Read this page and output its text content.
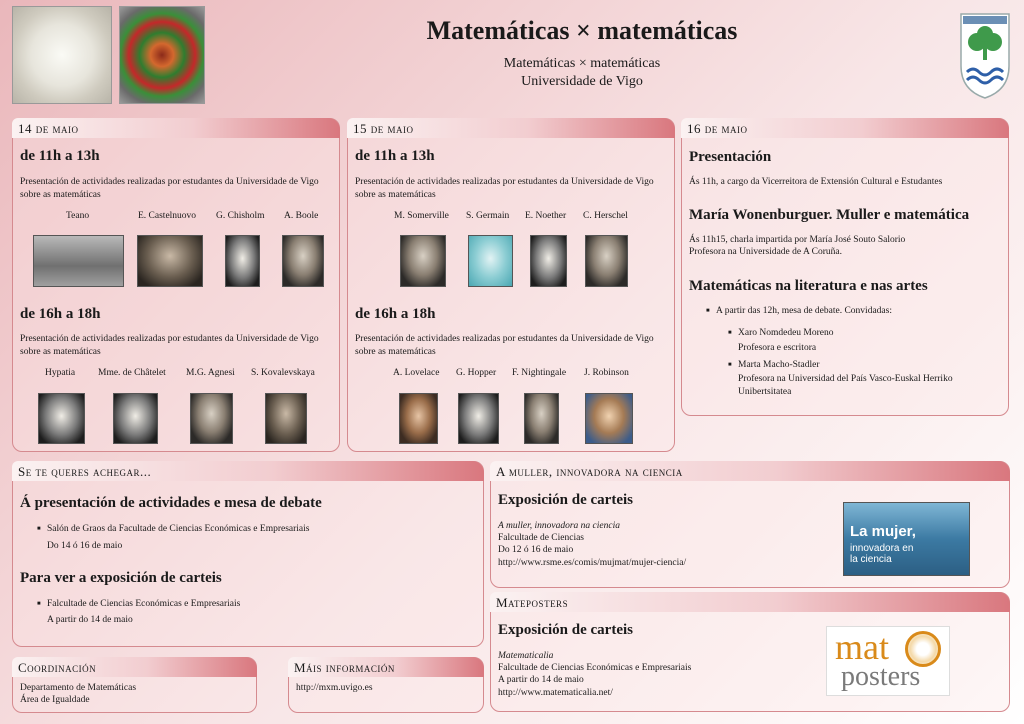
Matemáticas × matemáticas
Matemáticas × matemáticas
Universidade de Vigo
14 de maio
de 11h a 13h
Presentación de actividades realizadas por estudantes da Universidade de Vigo sobre as matemáticas
Teano	E. Castelnuovo G. Chisholm A. Boole
de 16h a 18h
Presentación de actividades realizadas por estudantes da Universidade de Vigo sobre as matemáticas
Hypatia Mme. de Châtelet M.G. Agnesi S. Kovalevskaya
15 de maio
de 11h a 13h
Presentación de actividades realizadas por estudantes da Universidade de Vigo sobre as matemáticas
M. Somerville S. Germain E. Noether C. Herschel
de 16h a 18h
Presentación de actividades realizadas por estudantes da Universidade de Vigo sobre as matemáticas
A. Lovelace G. Hopper F. Nightingale J. Robinson
16 de maio
Presentación
Ás 11h, a cargo da Vicerreitora de Extensión Cultural e Estudantes
María Wonenburguer. Muller e matemática
Ás 11h15, charla impartida por María José Souto Salorio
Profesora na Universidade de A Coruña.
Matemáticas na literatura e nas artes
■ A partir das 12h, mesa de debate. Convidadas:
■ Xaro Nomdedeu Moreno
Profesora e escritora
■ Marta Macho-Stadler
Profesora na Universidad del País Vasco-Euskal Herriko Unibertsitatea
Se te queres achegar...
Á presentación de actividades e mesa de debate
■ Salón de Graos da Facultade de Ciencias Económicas e Empresariais
Do 14 ó 16 de maio
Para ver a exposición de carteis
■ Falcultade de Ciencias Económicas e Empresariais
A partir do 14 de maio
A muller, innovadora na ciencia
Exposición de carteis
A muller, innovadora na ciencia
Falcultade de Ciencias
Do 12 ó 16 de maio
http://www.rsme.es/comis/mujmat/mujer-ciencia/
La mujer,
innovadora en
la ciencia
Mateposters
Exposición de carteis
Matematicalia
Falcultade de Ciencias Económicas e Empresariais
A partir do 14 de maio
http://www.matematicalia.net/
mat
posters
Coordinación
Departamento de Matemáticas
Área de Igualdade
Máis información
http://mxm.uvigo.es
